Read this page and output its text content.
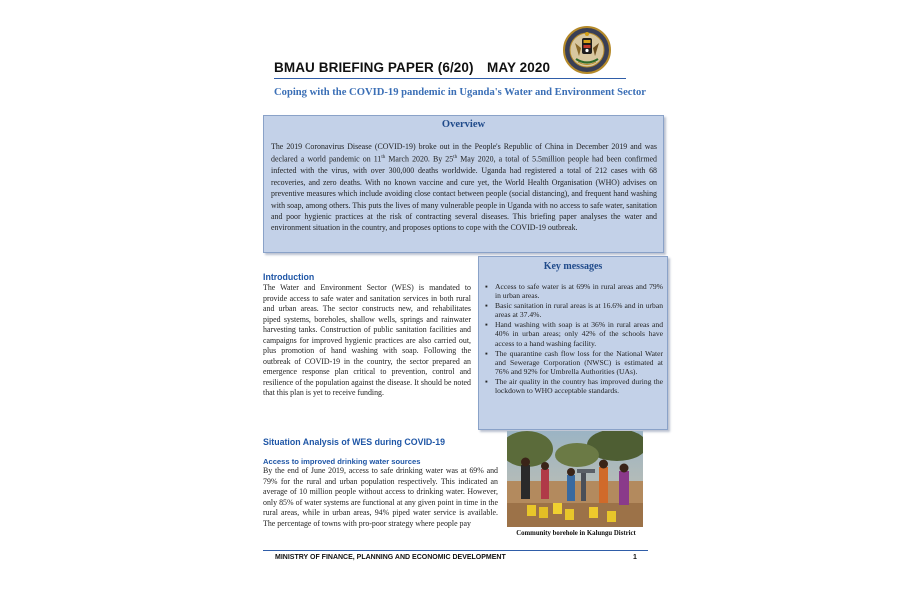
BMAU BRIEFING PAPER (6/20) MAY 2020
Coping with the COVID-19 pandemic in Uganda's Water and Environment Sector
Overview
The 2019 Coronavirus Disease (COVID-19) broke out in the People's Republic of China in December 2019 and was declared a world pandemic on 11th March 2020. By 25th May 2020, a total of 5.5million people had been confirmed infected with the virus, with over 300,000 deaths worldwide. Uganda had registered a total of 212 cases with 68 recoveries, and zero deaths. With no known vaccine and cure yet, the World Health Organisation (WHO) advises on preventive measures which include avoiding close contact between people (social distancing), and frequent hand washing with soap, among others. This puts the lives of many vulnerable people in Uganda with no access to safe water, sanitation and poor hygienic practices at the risk of contracting several diseases. This briefing paper analyses the water and environment situation in the country, and proposes options to cope with the COVID-19 outbreak.
Introduction
The Water and Environment Sector (WES) is mandated to provide access to safe water and sanitation services in both rural and urban areas. The sector constructs new, and rehabilitates piped systems, boreholes, shallow wells, springs and rainwater harvesting tanks. Construction of public sanitation facilities and campaigns for improved hygienic practices are also carried out, plus promotion of hand washing with soap. Following the outbreak of COVID-19 in the country, the sector prepared an emergence response plan critical to prevention, control and resilience of the population against the disease. It should be noted that this plan is yet to receive funding.
Key messages
▪ Access to safe water is at 69% in rural areas and 79% in urban areas.
▪ Basic sanitation in rural areas is at 16.6% and in urban areas at 37.4%.
▪ Hand washing with soap is at 36% in rural areas and 40% in urban areas; only 42% of the schools have access to a hand washing facility.
▪ The quarantine cash flow loss for the National Water and Sewerage Corporation (NWSC) is estimated at 76% and 92% for Umbrella Authorities (UAs).
▪ The air quality in the country has improved during the lockdown to WHO acceptable standards.
Situation Analysis of WES during COVID-19
Access to improved drinking water sources
By the end of June 2019, access to safe drinking water was at 69% and 79% for the rural and urban population respectively. This indicated an average of 10 million people without access to drinking water. However, only 85% of water systems are functional at any given point in time in the rural areas, while in urban areas, 94% piped water service is available. The percentage of towns with pro-poor strategy where people pay
Community borehole in Kalungu District
MINISTRY OF FINANCE, PLANNING AND ECONOMIC DEVELOPMENT	1
